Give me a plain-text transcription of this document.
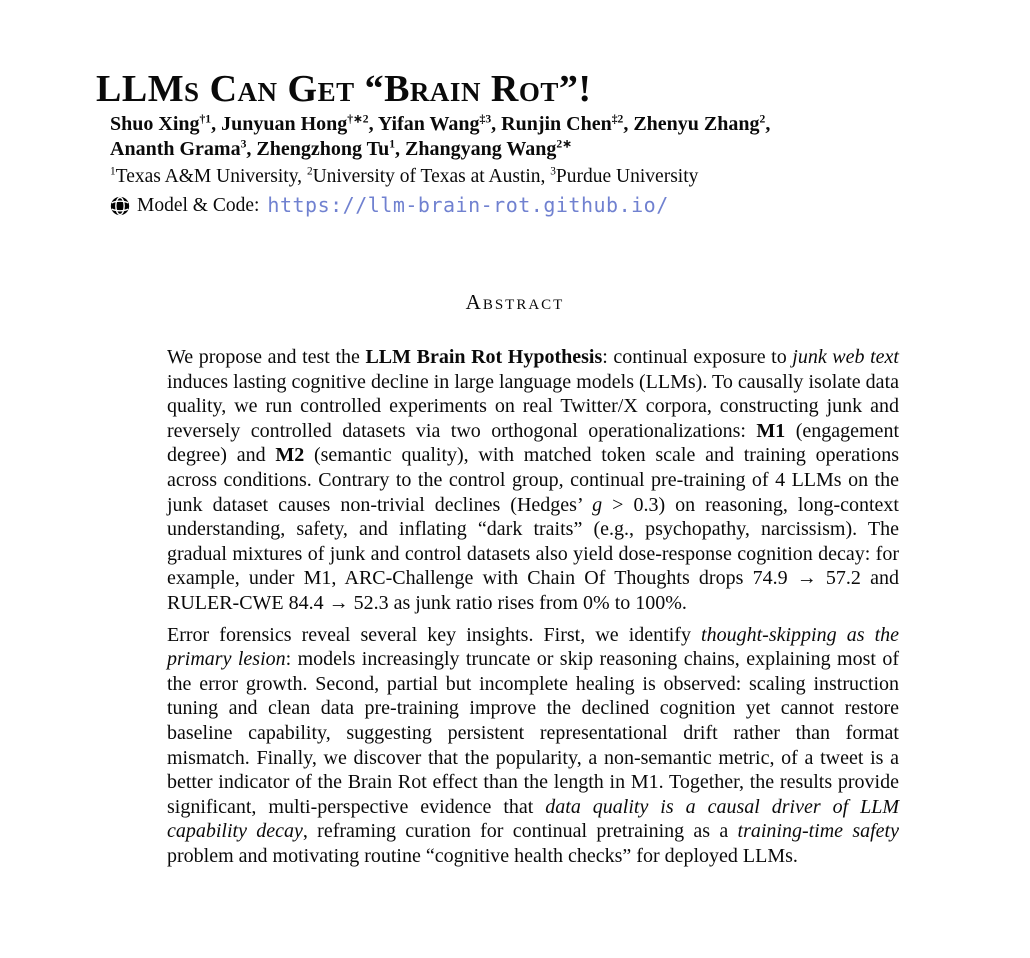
LLMs Can Get “Brain Rot”!
Shuo Xing$^{\dagger 1}$, Junyuan Hong$^{\dagger∗2}$, Yifan Wang$^{\ddagger 3}$, Runjin Chen$^{\ddagger 2}$, Zhenyu Zhang$^2$,
Ananth Grama$^3$, Zhengzhong Tu$^1$, Zhangyang Wang$^{2∗}$
$^1$Texas A&M University, $^2$University of Texas at Austin, $^3$Purdue University
Model & Code: https://llm-brain-rot.github.io/
Abstract

We propose and test the LLM Brain Rot Hypothesis: continual exposure to junk web text induces lasting cognitive decline in large language models (LLMs). To causally isolate data quality, we run controlled experiments on real Twitter/X corpora, constructing junk and reversely controlled datasets via two orthogonal operationalizations: M1 (engagement degree) and M2 (semantic quality), with matched token scale and training operations across conditions. Contrary to the control group, continual pre-training of 4 LLMs on the junk dataset causes non-trivial declines (Hedges’ g > 0.3) on reasoning, long-context understanding, safety, and inflating “dark traits” (e.g., psychopathy, narcissism). The gradual mixtures of junk and control datasets also yield dose-response cognition decay: for example, under M1, ARC-Challenge with Chain Of Thoughts drops 74.9 → 57.2 and RULER-CWE 84.4 → 52.3 as junk ratio rises from 0% to 100%.

Error forensics reveal several key insights. First, we identify thought-skipping as the primary lesion: models increasingly truncate or skip reasoning chains, explaining most of the error growth. Second, partial but incomplete healing is observed: scaling instruction tuning and clean data pre-training improve the declined cognition yet cannot restore baseline capability, suggesting persistent representational drift rather than format mismatch. Finally, we discover that the popularity, a non-semantic metric, of a tweet is a better indicator of the Brain Rot effect than the length in M1. Together, the results provide significant, multi-perspective evidence that data quality is a causal driver of LLM capability decay, reframing curation for continual pretraining as a training-time safety problem and motivating routine “cognitive health checks” for deployed LLMs.
